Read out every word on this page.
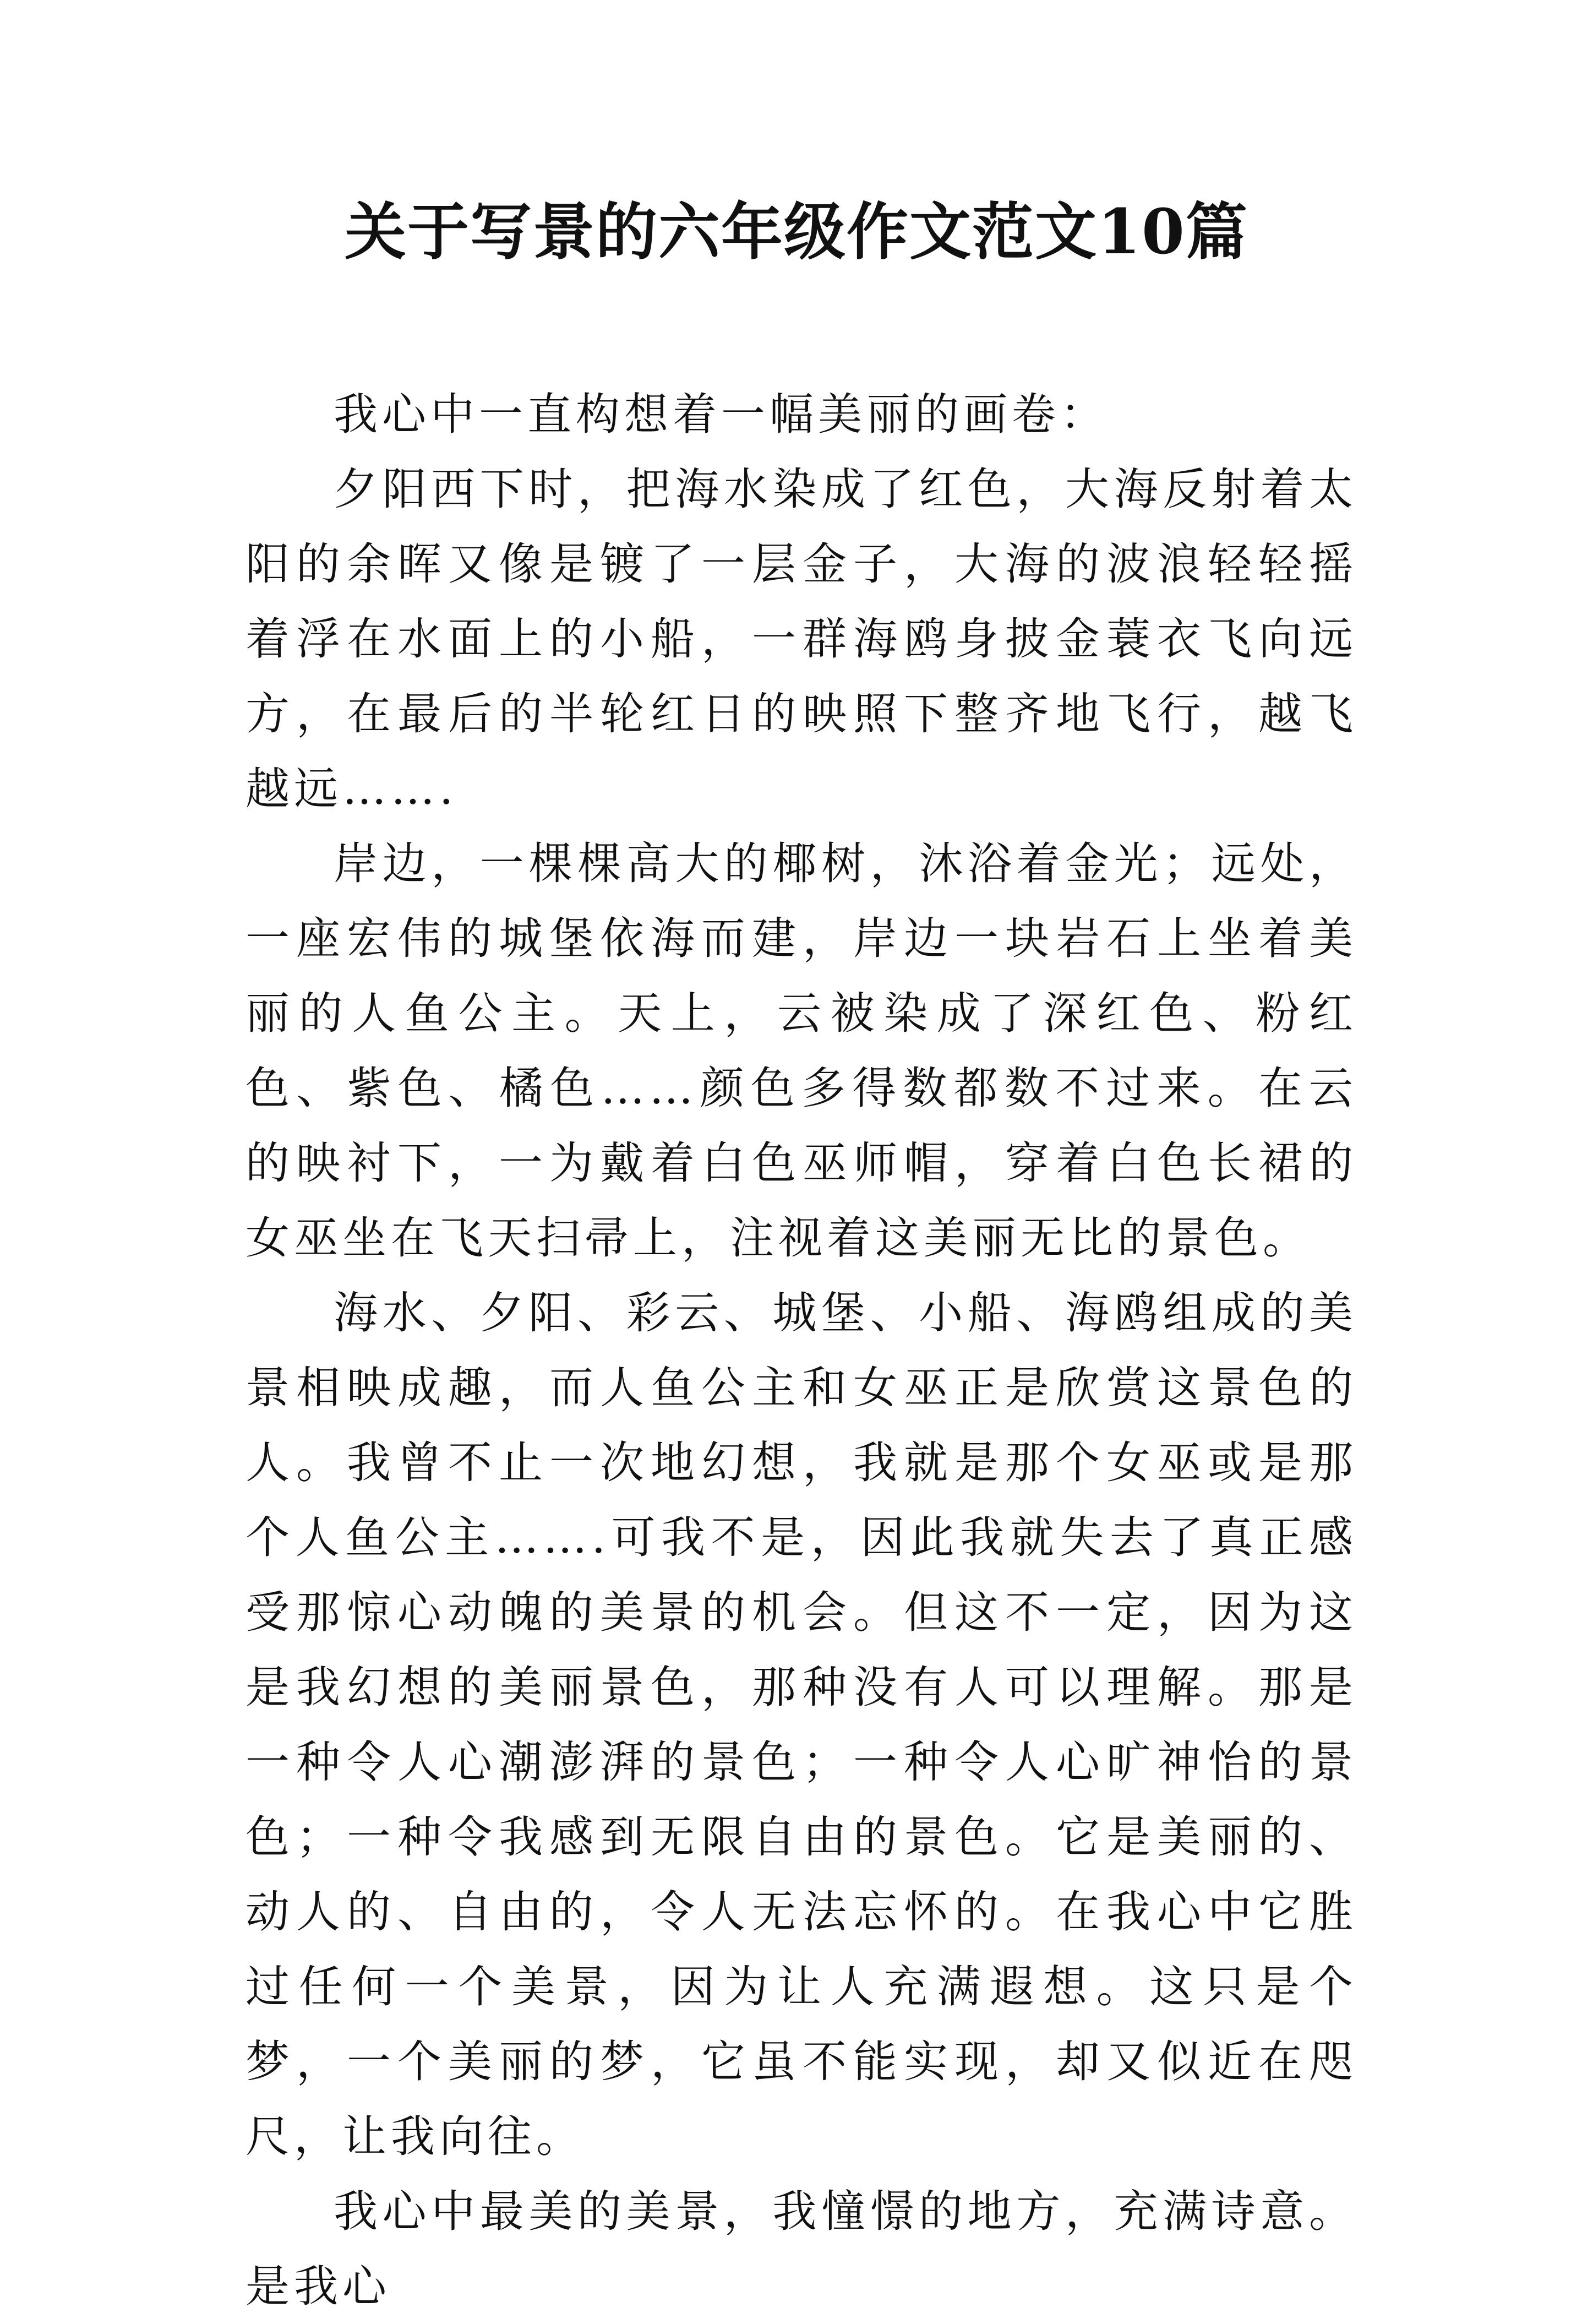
关于写景的六年级作文范文10篇

我心中一直构想着一幅美丽的画卷：

夕阳西下时，把海水染成了红色，大海反射着太阳的余晖又像是镀了一层金子，大海的波浪轻轻摇着浮在水面上的小船，一群海鸥身披金蓑衣飞向远方，在最后的半轮红日的映照下整齐地飞行，越飞越远…….

岸边，一棵棵高大的椰树，沐浴着金光；远处，一座宏伟的城堡依海而建，岸边一块岩石上坐着美丽的人鱼公主。天上，云被染成了深红色、粉红色、紫色、橘色……颜色多得数都数不过来。在云的映衬下，一为戴着白色巫师帽，穿着白色长裙的女巫坐在飞天扫帚上，注视着这美丽无比的景色。

海水、夕阳、彩云、城堡、小船、海鸥组成的美景相映成趣，而人鱼公主和女巫正是欣赏这景色的人。我曾不止一次地幻想，我就是那个女巫或是那个人鱼公主…….可我不是，因此我就失去了真正感受那惊心动魄的美景的机会。但这不一定，因为这是我幻想的美丽景色，那种没有人可以理解。那是一种令人心潮澎湃的景色；一种令人心旷神怡的景色；一种令我感到无限自由的景色。它是美丽的、动人的、自由的，令人无法忘怀的。在我心中它胜过任何一个美景，因为让人充满遐想。这只是个梦，一个美丽的梦，它虽不能实现，却又似近在咫尺，让我向往。

我心中最美的美景，我憧憬的地方，充满诗意。是我心
